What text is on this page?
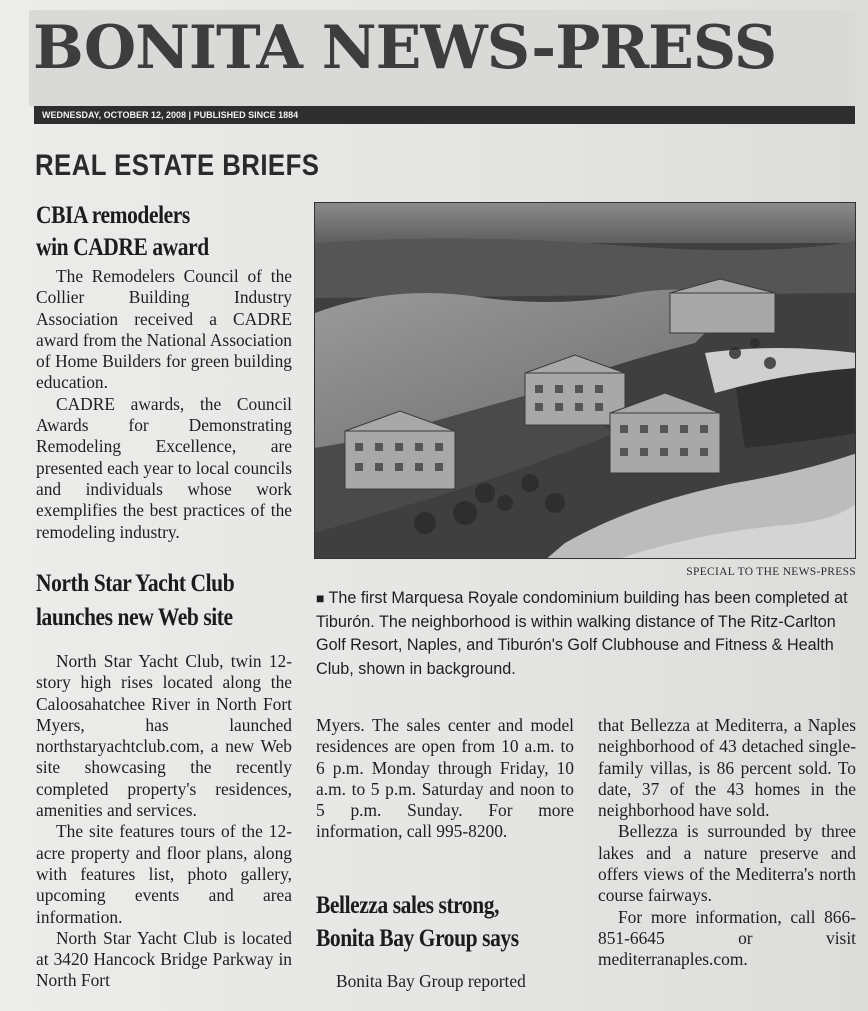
BONITA NEWS-PRESS
WEDNESDAY, OCTOBER 12, 2008 | PUBLISHED SINCE 1884
REAL ESTATE BRIEFS
CBIA remodelers
win CADRE award

The Remodelers Council of the Collier Building Industry Association received a CADRE award from the National Association of Home Builders for green building education.

CADRE awards, the Council Awards for Demonstrating Remodeling Excellence, are presented each year to local councils and individuals whose work exemplifies the best practices of the remodeling industry.

North Star Yacht Club
launches new Web site

North Star Yacht Club, twin 12-story high rises located along the Caloosahatchee River in North Fort Myers, has launched northstaryachtclub.com, a new Web site showcasing the recently completed property's residences, amenities and services.

The site features tours of the 12-acre property and floor plans, along with features list, photo gallery, upcoming events and area information.

North Star Yacht Club is located at 3420 Hancock Bridge Parkway in North Fort

Myers. The sales center and model residences are open from 10 a.m. to 6 p.m. Monday through Friday, 10 a.m. to 5 p.m. Saturday and noon to 5 p.m. Sunday. For more information, call 995-8200.

SPECIAL TO THE NEWS-PRESS
■ The first Marquesa Royale condominium building has been completed at Tiburón. The neighborhood is within walking distance of The Ritz-Carlton Golf Resort, Naples, and Tiburón's Golf Clubhouse and Fitness & Health Club, shown in background.
Bellezza sales strong,
Bonita Bay Group says

Bonita Bay Group reported

that Bellezza at Mediterra, a Naples neighborhood of 43 detached single-family villas, is 86 percent sold. To date, 37 of the 43 homes in the neighborhood have sold.

Bellezza is surrounded by three lakes and a nature preserve and offers views of the Mediterra's north course fairways.

For more information, call 866-851-6645 or visit mediterranaples.com.
